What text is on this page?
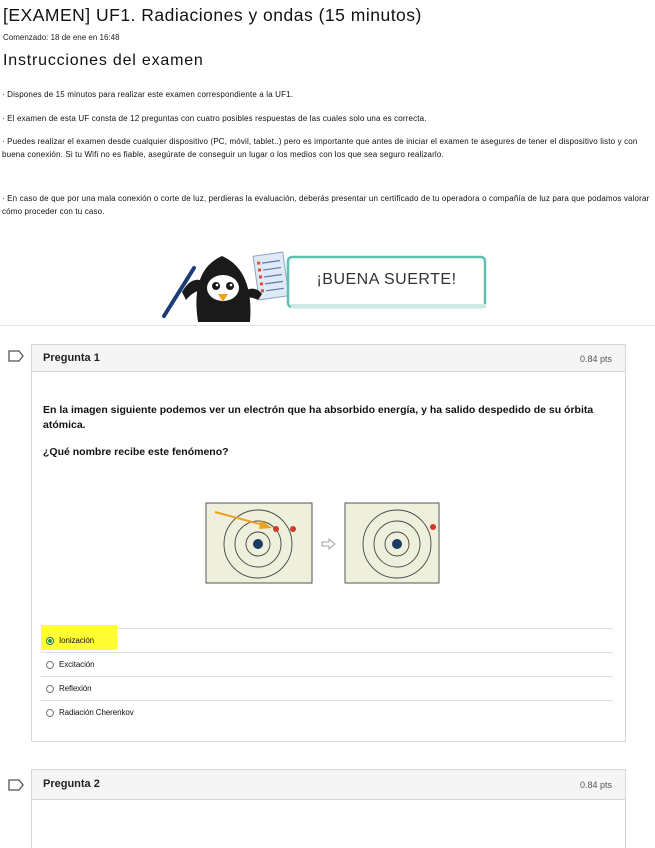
[EXAMEN] UF1. Radiaciones y ondas (15 minutos)
Comenzado: 18 de ene en 16:48
Instrucciones del examen
· Dispones de 15 minutos para realizar este examen correspondiente a la UF1.
· El examen de esta UF consta de 12 preguntas con cuatro posibles respuestas de las cuales solo una es correcta.
· Puedes realizar el examen desde cualquier dispositivo (PC, móvil, tablet..) pero es importante que antes de iniciar el examen te asegures de tener el dispositivo listo y con buena conexión. Si tu Wifi no es fiable, asegúrate de conseguir un lugar o los medios con los que sea seguro realizarlo.
· En caso de que por una mala conexión o corte de luz, perdieras la evaluación, deberás presentar un certificado de tu operadora o compañía de luz para que podamos valorar cómo proceder con tu caso.
¡BUENA SUERTE!
Pregunta 1	0.84 pts
En la imagen siguiente podemos ver un electrón que ha absorbido energía, y ha salido despedido de su órbita atómica.
¿Qué nombre recibe este fenómeno?
Ionización
Excitación
Reflexión
Radiación Cherenkov
Pregunta 2	0.84 pts
